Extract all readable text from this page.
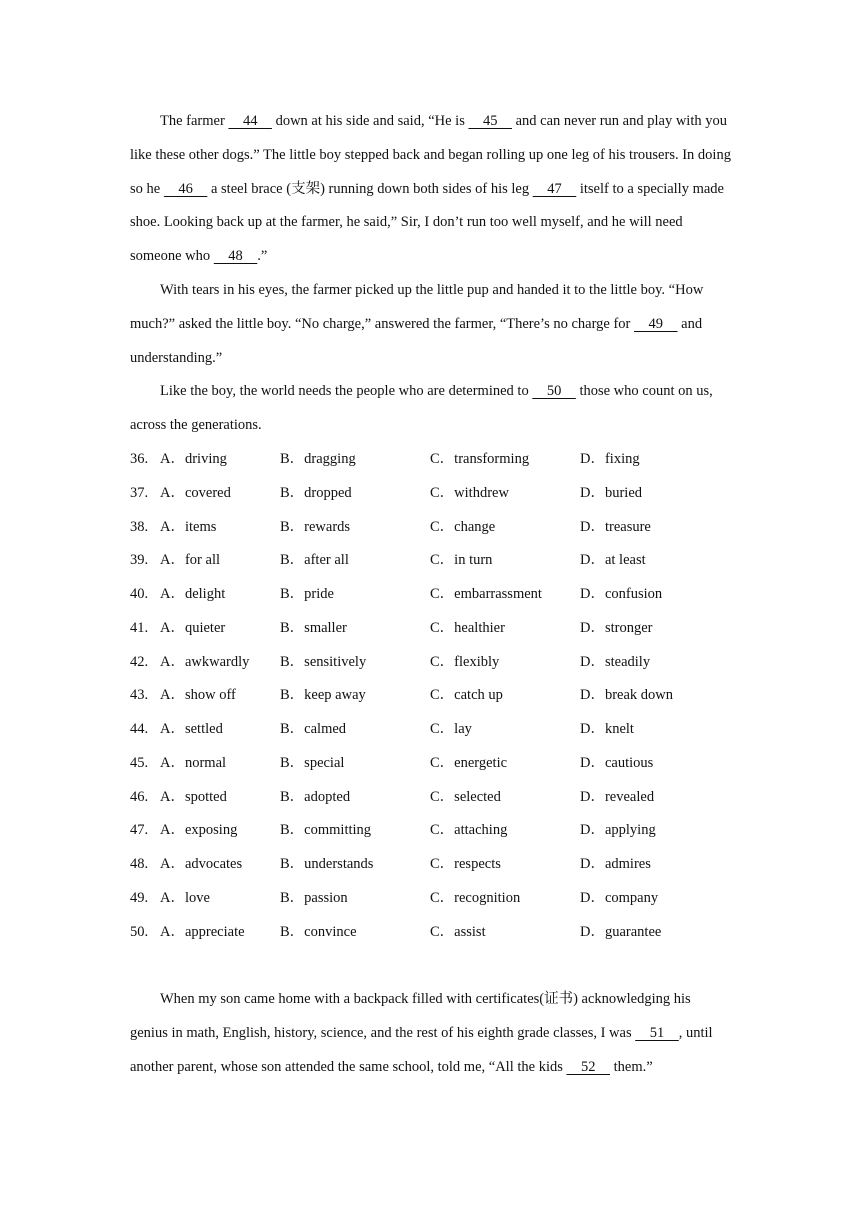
The farmer     44     down at his side and said, “He is     45     and can never run and play with you like these other dogs.” The little boy stepped back and began rolling up one leg of his trousers. In doing so he     46     a steel brace (支架) running down both sides of his leg     47     itself to a specially made shoe. Looking back up at the farmer, he said,” Sir, I don’t run too well myself, and he will need someone who     48    .”

With tears in his eyes, the farmer picked up the little pup and handed it to the little boy. “How much?” asked the little boy. “No charge,” answered the farmer, “There’s no charge for     49     and understanding.”

Like the boy, the world needs the people who are determined to     50     those who count on us, across the generations.

36. A．driving	B．dragging	C．transforming	D．fixing
37. A．covered	B．dropped	C．withdrew	D．buried
38. A．items	B．rewards	C．change	D．treasure
39. A．for all	B．after all	C．in turn	D．at least
40. A．delight	B．pride	C．embarrassment	D．confusion
41. A．quieter	B．smaller	C．healthier	D．stronger
42. A．awkwardly B．sensitively	C．flexibly	D．steadily
43. A．show off	B．keep away	C．catch up	D．break down
44. A．settled	B．calmed	C．lay	D．knelt
45. A．normal	B．special	C．energetic	D．cautious
46. A．spotted	B．adopted	C．selected	D．revealed
47. A．exposing	B．committing	C．attaching	D．applying
48. A．advocates	B．understands	C．respects	D．admires
49. A．love	B．passion	C．recognition	D．company
50. A．appreciate B．convince	C．assist	D．guarantee

When my son came home with a backpack filled with certificates(证书) acknowledging his genius in math, English, history, science, and the rest of his eighth grade classes, I was     51    , until another parent, whose son attended the same school, told me, “All the kids     52     them.”
